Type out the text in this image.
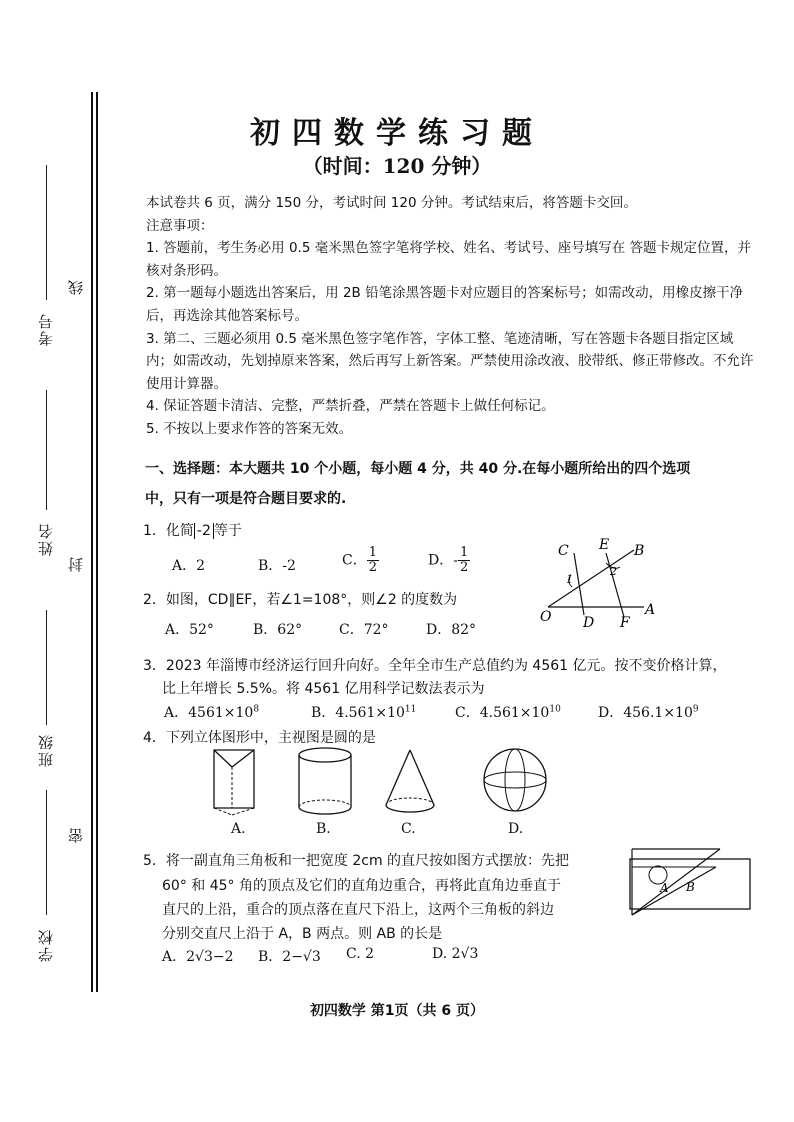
考号
线
姓名
封
班级
密
学校
初四数学练习题
（时间：120 分钟）

本试卷共 6 页，满分 150 分，考试时间 120 分钟。考试结束后，将答题卡交回。

注意事项：

1. 答题前，考生务必用 0.5 毫米黑色签字笔将学校、姓名、考试号、座号填写在 答题卡规定位置，并核对条形码。

2. 第一题每小题选出答案后，用 2B 铅笔涂黑答题卡对应题目的答案标号；如需改动，用橡皮擦干净后，再选涂其他答案标号。

3. 第二、三题必须用 0.5 毫米黑色签字笔作答，字体工整、笔迹清晰，写在答题卡各题目指定区域内；如需改动，先划掉原来答案，然后再写上新答案。严禁使用涂改液、胶带纸、修正带修改。不允许使用计算器。

4. 保证答题卡清洁、完整，严禁折叠，严禁在答题卡上做任何标记。

5. 不按以上要求作答的答案无效。

一、选择题：本大题共 10 个小题，每小题 4 分，共 40 分.在每小题所给出的四个选项
中，只有一项是符合题目要求的.
1．化简 -2 等于
A．2	B．-2	C． $\frac{1}{2}$	D．- $\frac{1}{2}$
2．如图，CD∥EF，若∠1=108°，则∠2 的度数为
A．52°	B．62°	C．72°	D．82°
C E B
1
2
O D F
A
3．2023 年淄博市经济运行回升向好。全年全市生产总值约为 4561 亿元。按不变价格计算，
比上年增长 5.5%。将 4561 亿用科学记数法表示为
A．$4561\times 10^8$	B．$4.561\times 10^{11}$	C．$4.561\times 10^{10}$	D．$456.1\times 10^9$
4．下列立体图形中，主视图是圆的是
A.	B.	C.	D.
5．将一副直角三角板和一把宽度 2cm 的直尺按如图方式摆放：先把
60° 和 45° 角的顶点及它们的直角边重合，再将此直角边垂直于
直尺的上沿，重合的顶点落在直尺下沿上，这两个三角板的斜边
分别交直尺上沿于 A，B 两点。则 AB 的长是
A．2√3−2 B．2−√3 C. 2	D. 2√3
A B
初四数学 第1页（共 6 页）
